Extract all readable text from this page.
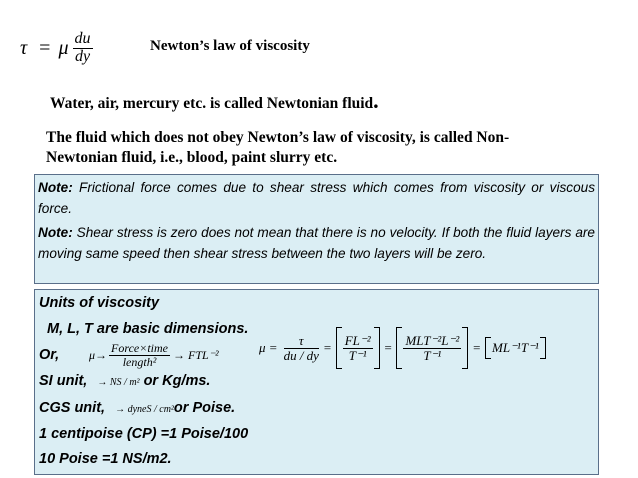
τ = μ $\frac{du}{dy}$	Newton’s law of viscosity
Water, air, mercury etc. is called Newtonian fluid.
The fluid which does not obey Newton’s law of viscosity, is called Non-
Newtonian fluid, i.e., blood, paint slurry etc.
Note: Frictional force comes due to shear stress which comes from viscosity or viscous force.
Note: Shear stress is zero does not mean that there is no velocity. If both the fluid layers are moving same speed then shear stress between the two layers will be zero.
Units of viscosity
M, L, T are basic dimensions.
Or, $\mu\to \frac{\text{Force×time}}{\text{length²}} \to FTL^{-2}$	$\mu = \frac{\tau}{du / dy} = \frac{\text{FL⁻²}}{\text{T⁻¹}} = \frac{\text{MLT⁻²L⁻²}}{\text{T⁻¹}} = ML^{-1}T^{-1}$
SI unit, → NS / m² or Kg/ms.
CGS unit, → dyneS / cm²or Poise.
1 centipoise (CP) =1 Poise/100
10 Poise =1 NS/m2.
